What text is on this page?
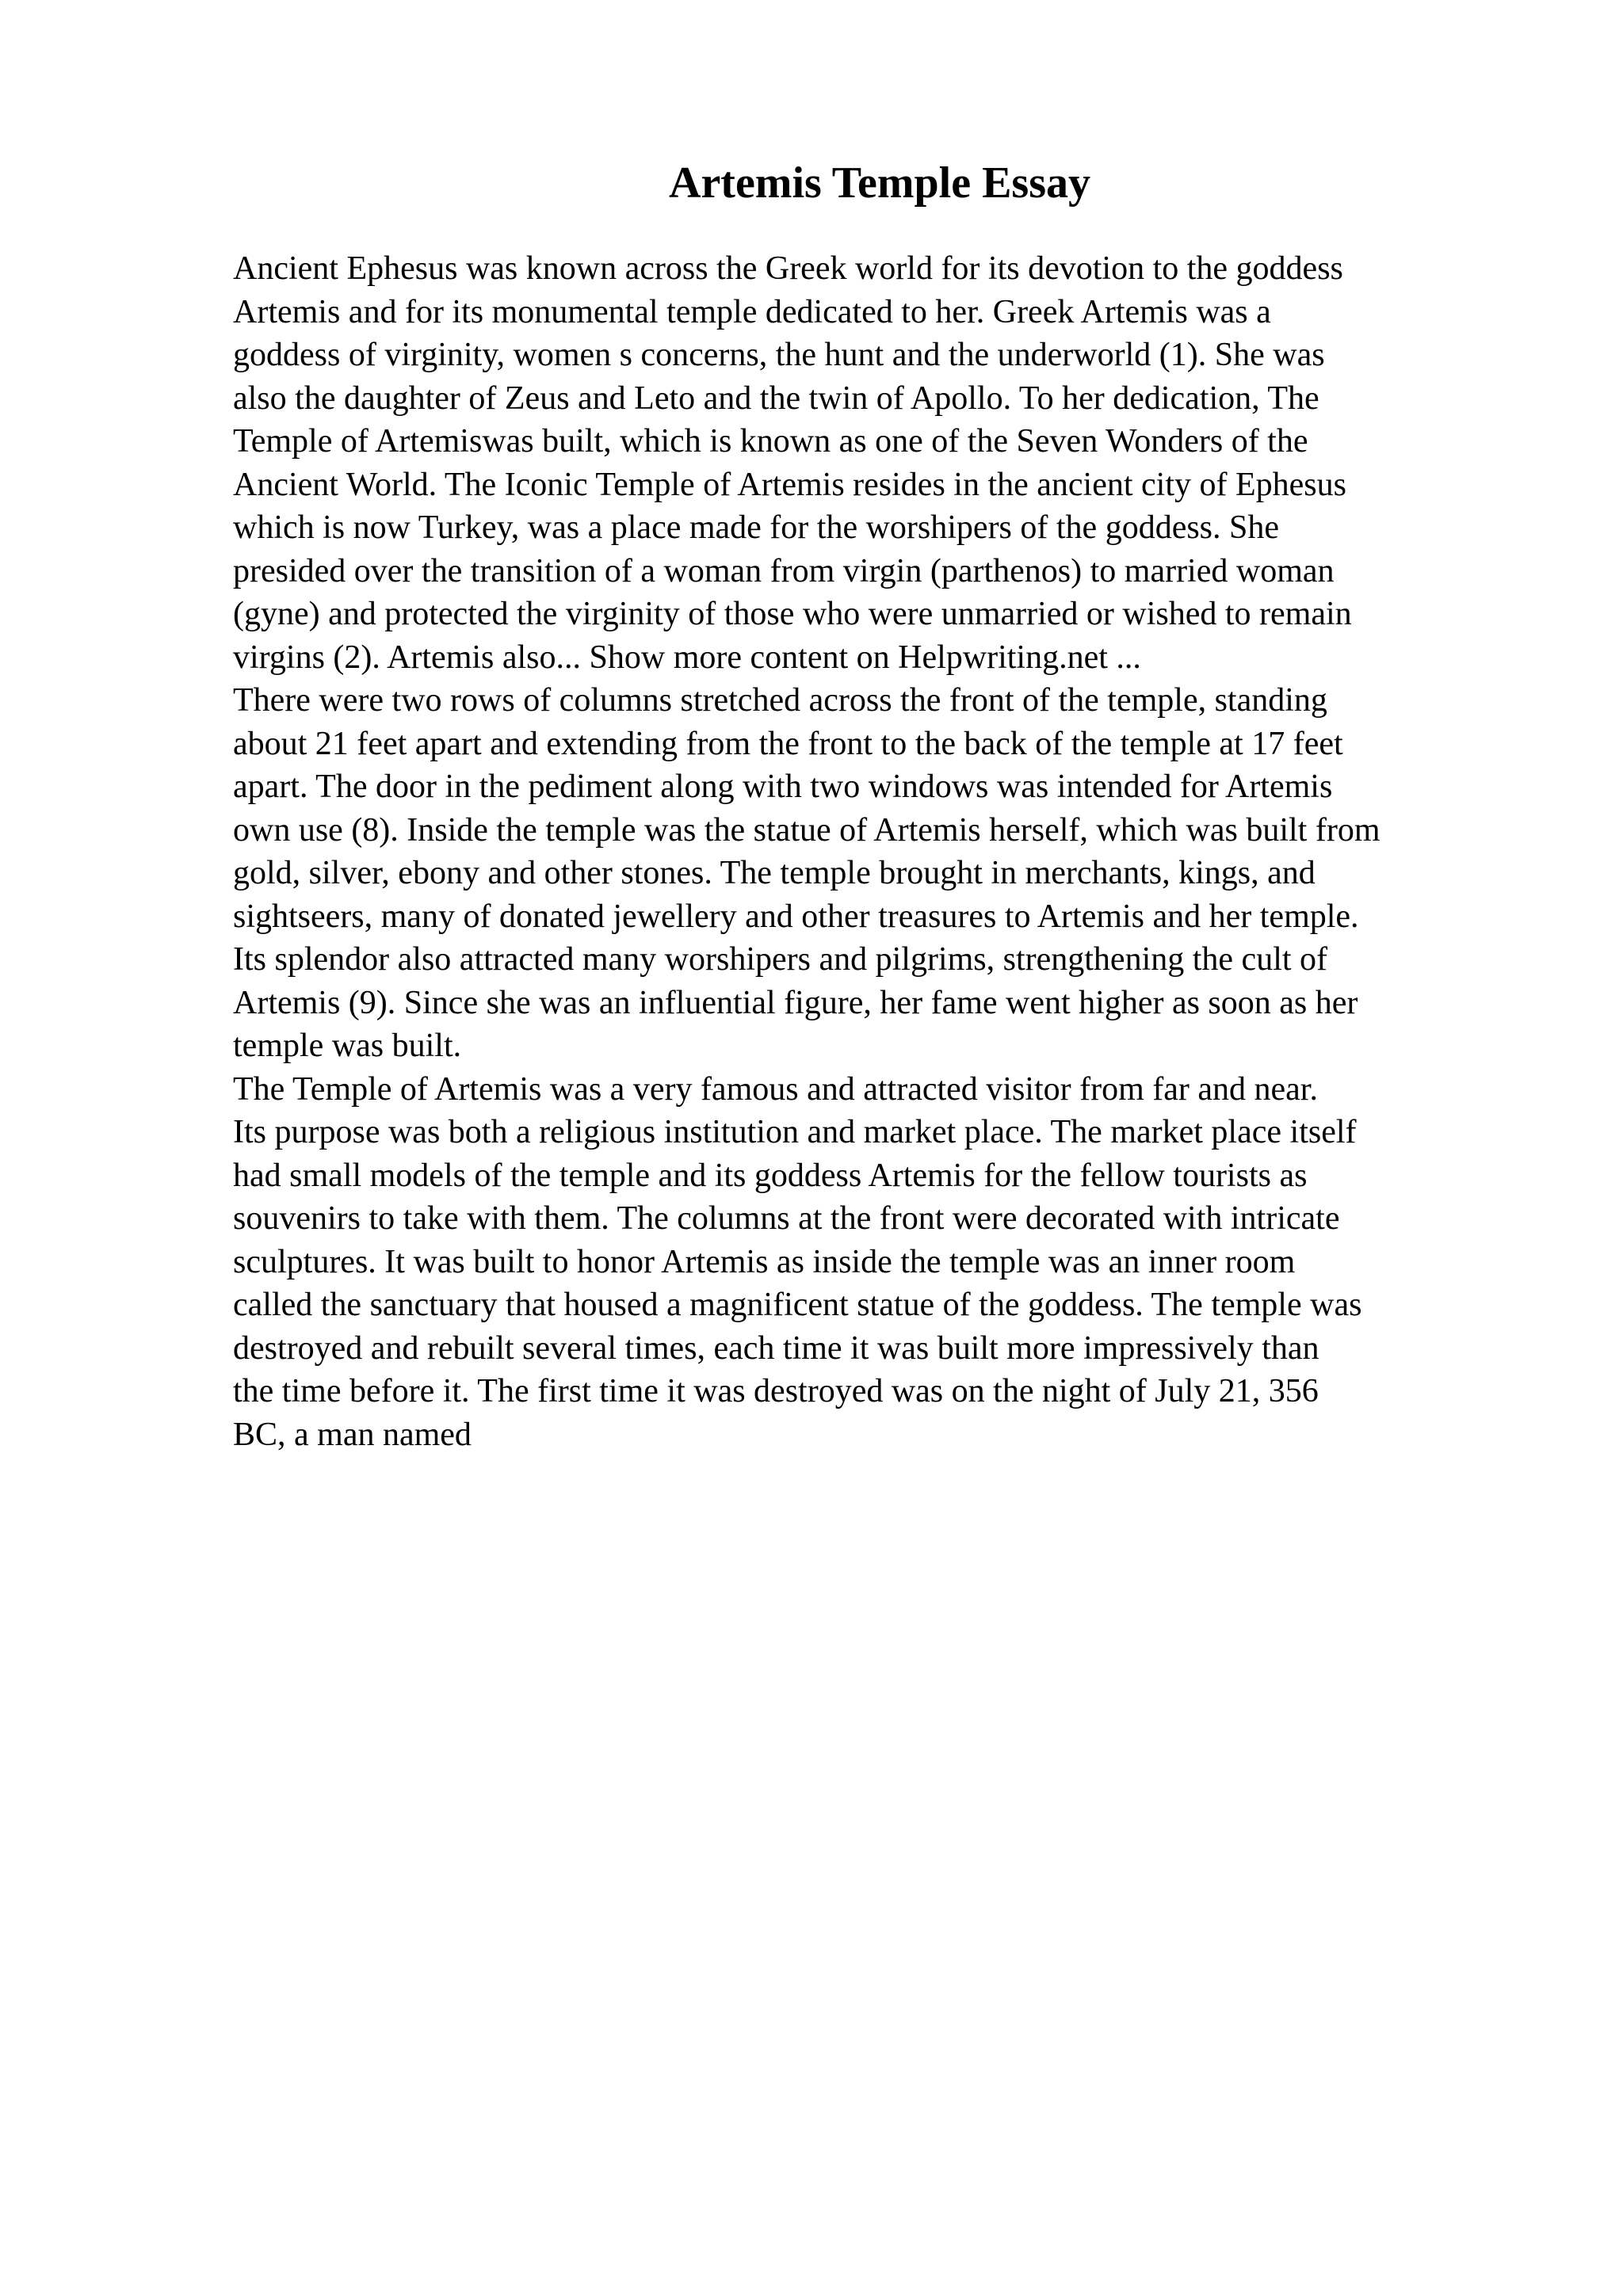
Artemis Temple Essay
Ancient Ephesus was known across the Greek world for its devotion to the goddess
Artemis and for its monumental temple dedicated to her. Greek Artemis was a
goddess of virginity, women s concerns, the hunt and the underworld (1). She was
also the daughter of Zeus and Leto and the twin of Apollo. To her dedication, The
Temple of Artemiswas built, which is known as one of the Seven Wonders of the
Ancient World. The Iconic Temple of Artemis resides in the ancient city of Ephesus
which is now Turkey, was a place made for the worshipers of the goddess. She
presided over the transition of a woman from virgin (parthenos) to married woman
(gyne) and protected the virginity of those who were unmarried or wished to remain
virgins (2). Artemis also... Show more content on Helpwriting.net ...
There were two rows of columns stretched across the front of the temple, standing
about 21 feet apart and extending from the front to the back of the temple at 17 feet
apart. The door in the pediment along with two windows was intended for Artemis
own use (8). Inside the temple was the statue of Artemis herself, which was built from
gold, silver, ebony and other stones. The temple brought in merchants, kings, and
sightseers, many of donated jewellery and other treasures to Artemis and her temple.
Its splendor also attracted many worshipers and pilgrims, strengthening the cult of
Artemis (9). Since she was an influential figure, her fame went higher as soon as her
temple was built.
The Temple of Artemis was a very famous and attracted visitor from far and near.
Its purpose was both a religious institution and market place. The market place itself
had small models of the temple and its goddess Artemis for the fellow tourists as
souvenirs to take with them. The columns at the front were decorated with intricate
sculptures. It was built to honor Artemis as inside the temple was an inner room
called the sanctuary that housed a magnificent statue of the goddess. The temple was
destroyed and rebuilt several times, each time it was built more impressively than
the time before it. The first time it was destroyed was on the night of July 21, 356
BC, a man named
